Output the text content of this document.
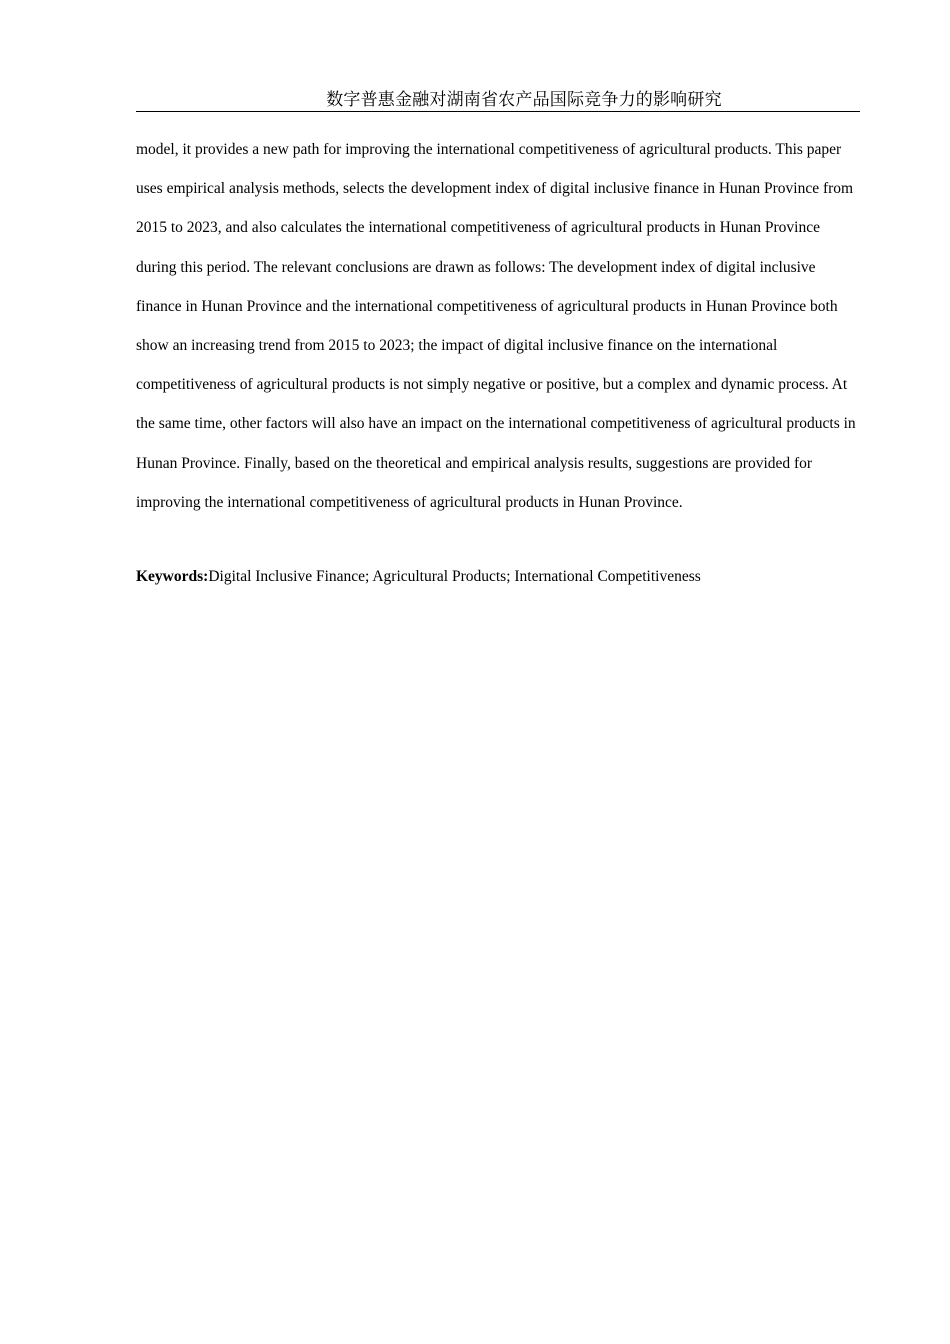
数字普惠金融对湖南省农产品国际竞争力的影响研究

model, it provides a new path for improving the international competitiveness of agricultural products. This paper uses empirical analysis methods, selects the development index of digital inclusive finance in Hunan Province from 2015 to 2023, and also calculates the international competitiveness of agricultural products in Hunan Province during this period. The relevant conclusions are drawn as follows: The development index of digital inclusive finance in Hunan Province and the international competitiveness of agricultural products in Hunan Province both show an increasing trend from 2015 to 2023; the impact of digital inclusive finance on the international competitiveness of agricultural products is not simply negative or positive, but a complex and dynamic process. At the same time, other factors will also have an impact on the international competitiveness of agricultural products in Hunan Province. Finally, based on the theoretical and empirical analysis results, suggestions are provided for improving the international competitiveness of agricultural products in Hunan Province.

Keywords:Digital Inclusive Finance; Agricultural Products; International Competitiveness
